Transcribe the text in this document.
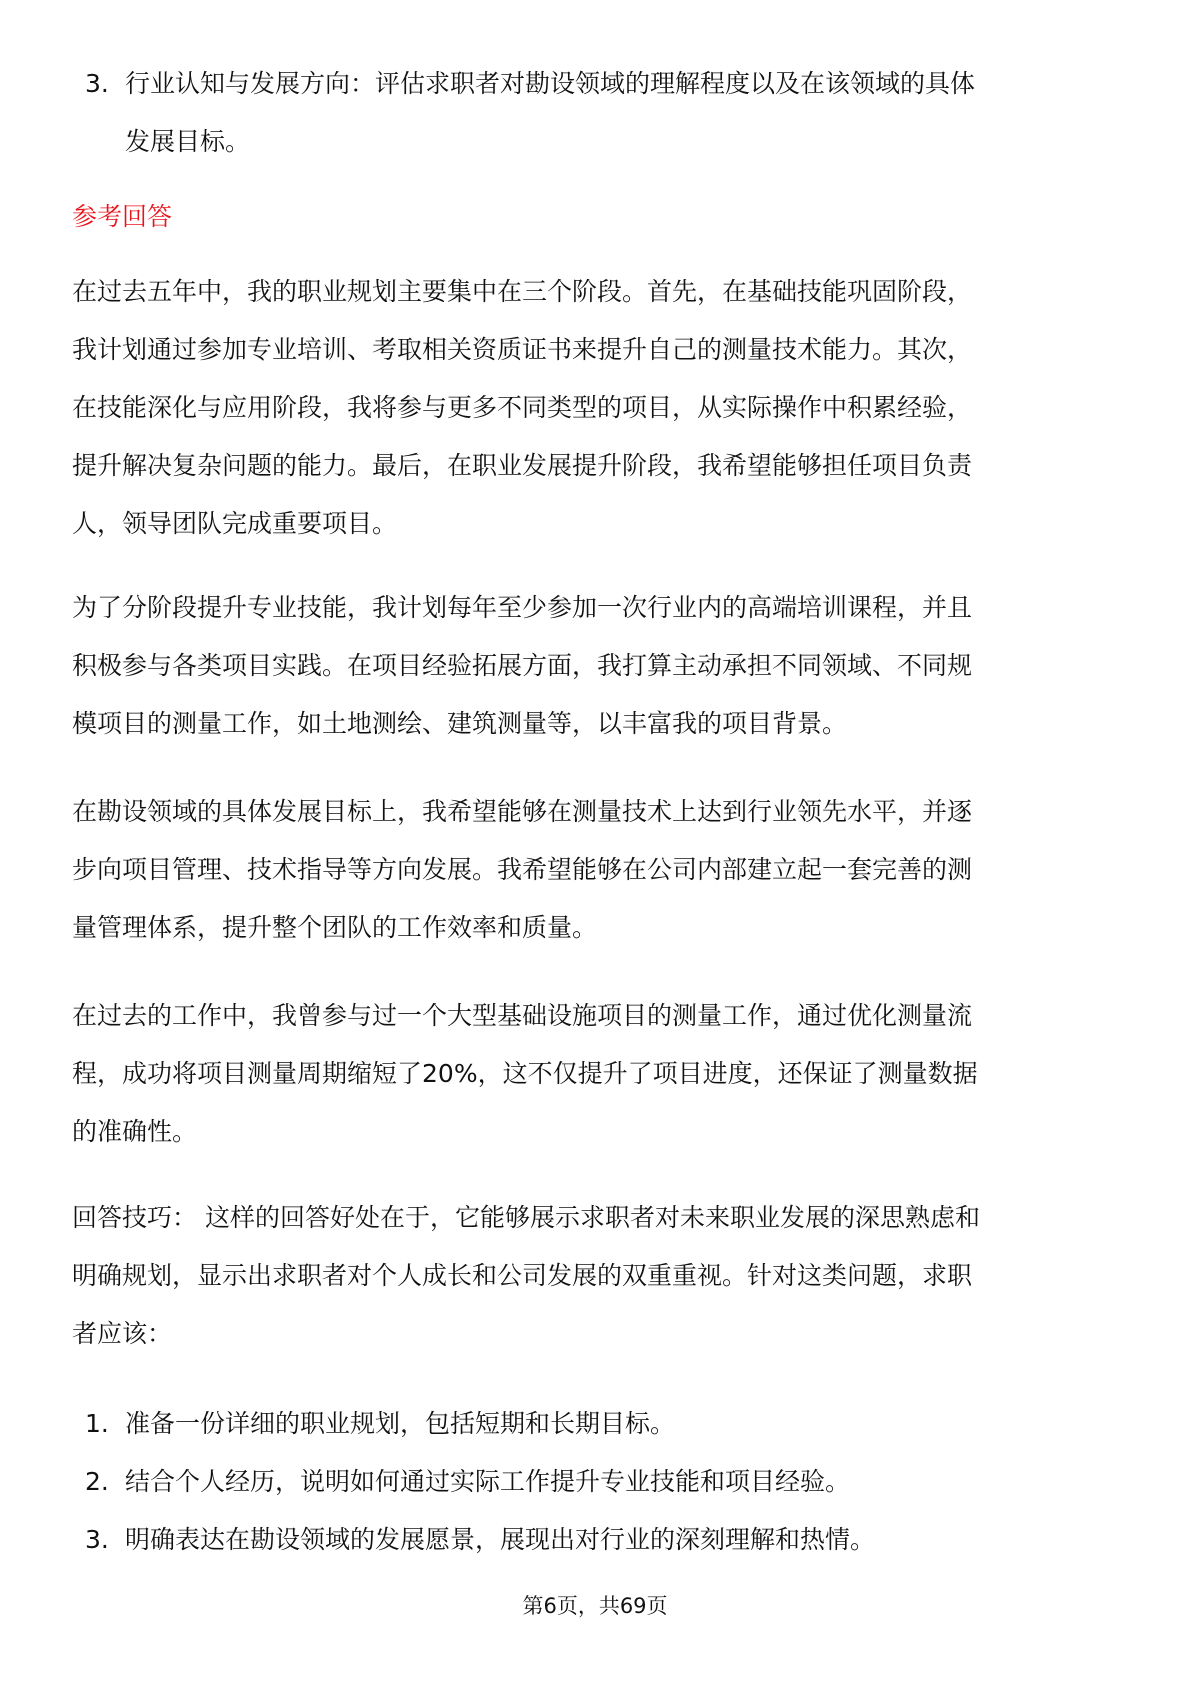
3. 行业认知与发展方向：评估求职者对勘设领域的理解程度以及在该领域的具体
发展目标。
参考回答
在过去五年中，我的职业规划主要集中在三个阶段。首先，在基础技能巩固阶段，
我计划通过参加专业培训、考取相关资质证书来提升自己的测量技术能力。其次，
在技能深化与应用阶段，我将参与更多不同类型的项目，从实际操作中积累经验，
提升解决复杂问题的能力。最后，在职业发展提升阶段，我希望能够担任项目负责
人，领导团队完成重要项目。
为了分阶段提升专业技能，我计划每年至少参加一次行业内的高端培训课程，并且
积极参与各类项目实践。在项目经验拓展方面，我打算主动承担不同领域、不同规
模项目的测量工作，如土地测绘、建筑测量等，以丰富我的项目背景。
在勘设领域的具体发展目标上，我希望能够在测量技术上达到行业领先水平，并逐
步向项目管理、技术指导等方向发展。我希望能够在公司内部建立起一套完善的测
量管理体系，提升整个团队的工作效率和质量。
在过去的工作中，我曾参与过一个大型基础设施项目的测量工作，通过优化测量流
程，成功将项目测量周期缩短了20%，这不仅提升了项目进度，还保证了测量数据
的准确性。
回答技巧： 这样的回答好处在于，它能够展示求职者对未来职业发展的深思熟虑和
明确规划，显示出求职者对个人成长和公司发展的双重重视。针对这类问题，求职
者应该：
1. 准备一份详细的职业规划，包括短期和长期目标。
2. 结合个人经历，说明如何通过实际工作提升专业技能和项目经验。
3. 明确表达在勘设领域的发展愿景，展现出对行业的深刻理解和热情。
第6页，共69页
